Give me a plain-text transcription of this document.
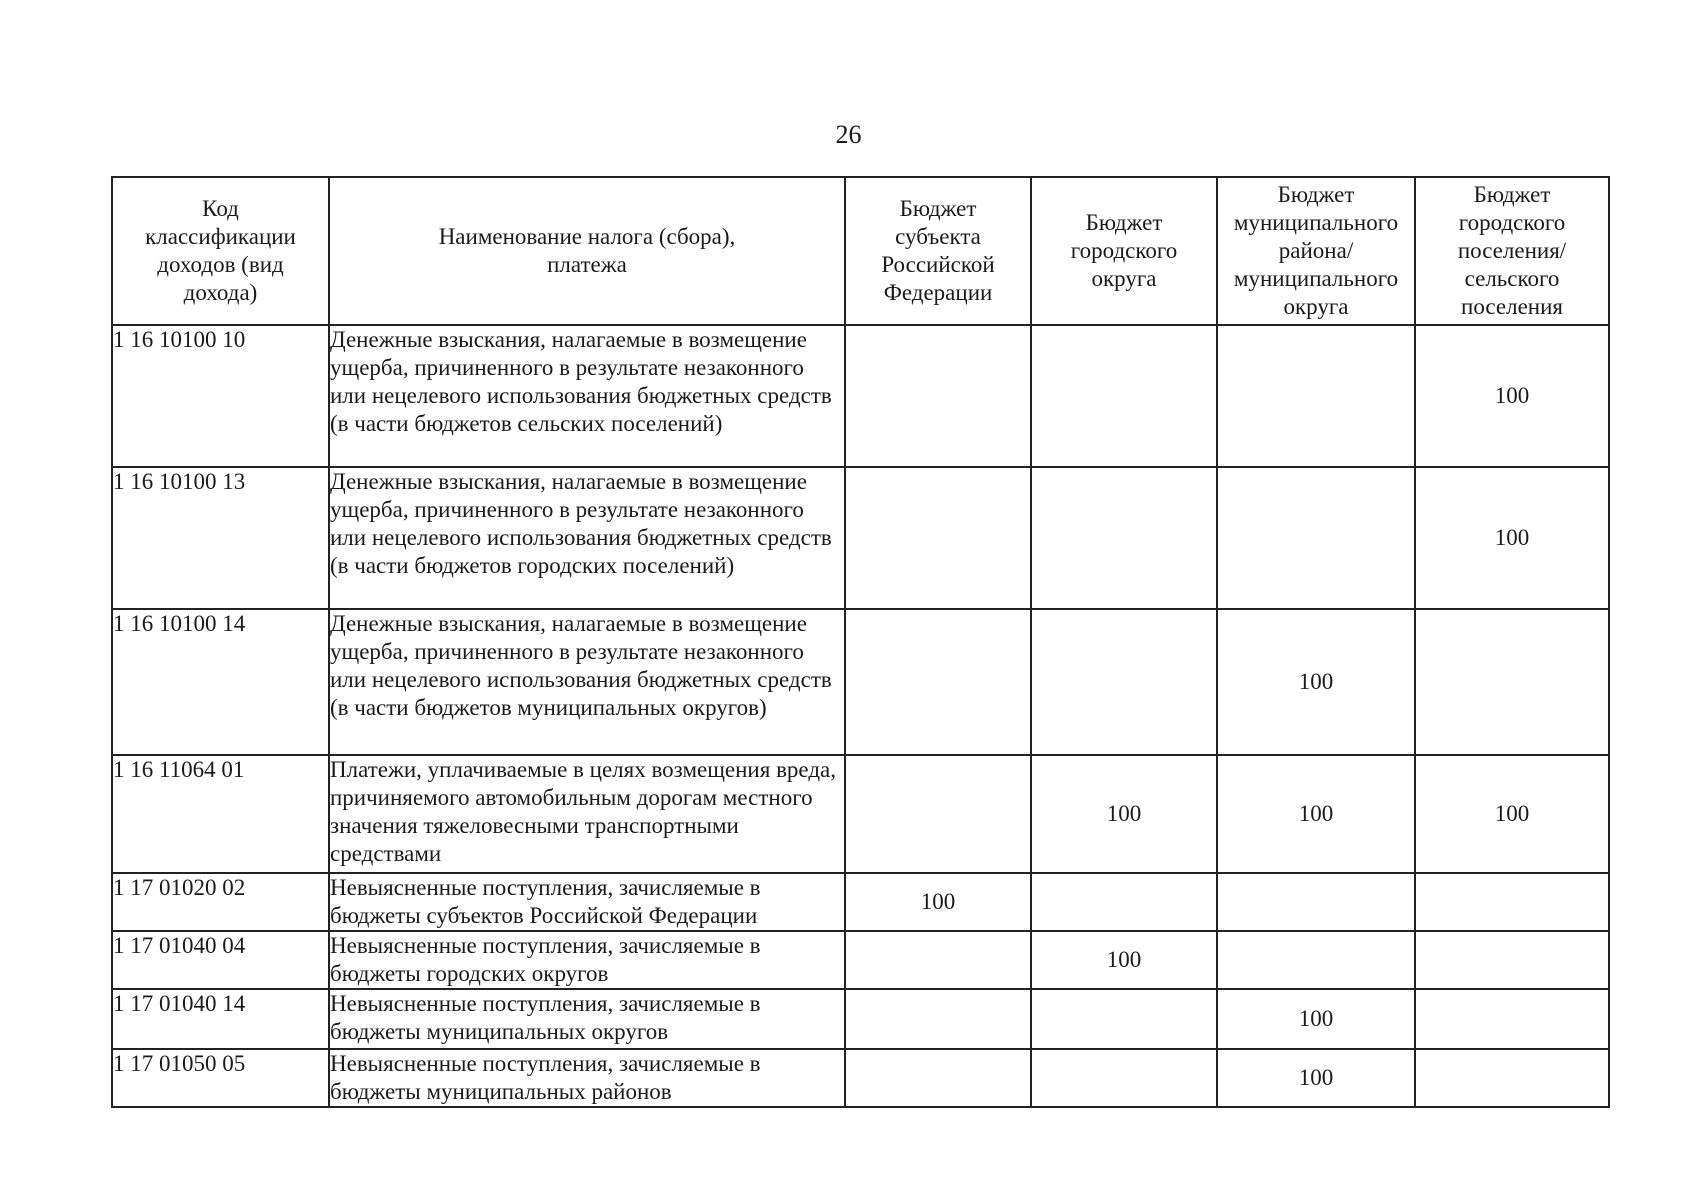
26
Код классификации доходов (вид дохода)	Наименование налога (сбора), платежа	Бюджет субъекта Российской Федерации	Бюджет городского округа	Бюджет муниципального района/ муниципального округа	Бюджет городского поселения/ сельского поселения

1 16 10100 10	Денежные взыскания, налагаемые в возмещение ущерба, причиненного в результате незаконного или нецелевого использования бюджетных средств (в части бюджетов сельских поселений)				100
1 16 10100 13	Денежные взыскания, налагаемые в возмещение ущерба, причиненного в результате незаконного или нецелевого использования бюджетных средств (в части бюджетов городских поселений)				100
1 16 10100 14	Денежные взыскания, налагаемые в возмещение ущерба, причиненного в результате незаконного или нецелевого использования бюджетных средств (в части бюджетов муниципальных округов)			100	
1 16 11064 01	Платежи, уплачиваемые в целях возмещения вреда, причиняемого автомобильным дорогам местного значения тяжеловесными транспортными средствами		100	100	100
1 17 01020 02	Невыясненные поступления, зачисляемые в бюджеты субъектов Российской Федерации	100			
1 17 01040 04	Невыясненные поступления, зачисляемые в бюджеты городских округов		100		
1 17 01040 14	Невыясненные поступления, зачисляемые в бюджеты муниципальных округов			100	
1 17 01050 05	Невыясненные поступления, зачисляемые в бюджеты муниципальных районов			100	
